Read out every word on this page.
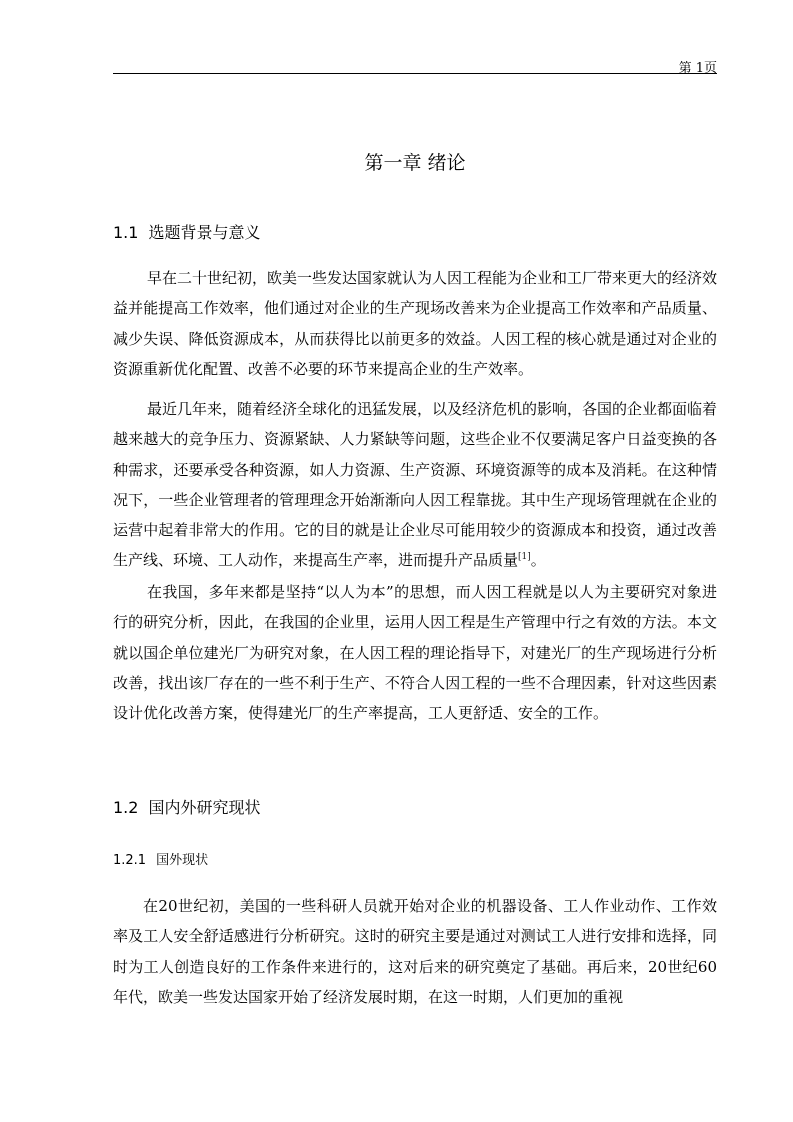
第 1页
第一章 绪论
1.1 选题背景与意义

早在二十世纪初，欧美一些发达国家就认为人因工程能为企业和工厂带来更大的经济效益并能提高工作效率，他们通过对企业的生产现场改善来为企业提高工作效率和产品质量、减少失误、降低资源成本，从而获得比以前更多的效益。人因工程的核心就是通过对企业的资源重新优化配置、改善不必要的环节来提高企业的生产效率。

最近几年来，随着经济全球化的迅猛发展，以及经济危机的影响，各国的企业都面临着越来越大的竞争压力、资源紧缺、人力紧缺等问题，这些企业不仅要满足客户日益变换的各种需求，还要承受各种资源，如人力资源、生产资源、环境资源等的成本及消耗。在这种情况下，一些企业管理者的管理理念开始渐渐向人因工程靠拢。其中生产现场管理就在企业的运营中起着非常大的作用。它的目的就是让企业尽可能用较少的资源成本和投资，通过改善生产线、环境、工人动作，来提高生产率，进而提升产品质量[1]。

在我国，多年来都是坚持“以人为本”的思想，而人因工程就是以人为主要研究对象进行的研究分析，因此，在我国的企业里，运用人因工程是生产管理中行之有效的方法。本文就以国企单位建光厂为研究对象，在人因工程的理论指导下，对建光厂的生产现场进行分析改善，找出该厂存在的一些不利于生产、不符合人因工程的一些不合理因素，针对这些因素设计优化改善方案，使得建光厂的生产率提高，工人更舒适、安全的工作。

1.2 国内外研究现状
1.2.1 国外现状

在20世纪初，美国的一些科研人员就开始对企业的机器设备、工人作业动作、工作效率及工人安全舒适感进行分析研究。这时的研究主要是通过对测试工人进行安排和选择，同时为工人创造良好的工作条件来进行的，这对后来的研究奠定了基础。再后来，20世纪60年代，欧美一些发达国家开始了经济发展时期，在这一时期，人们更加的重视
